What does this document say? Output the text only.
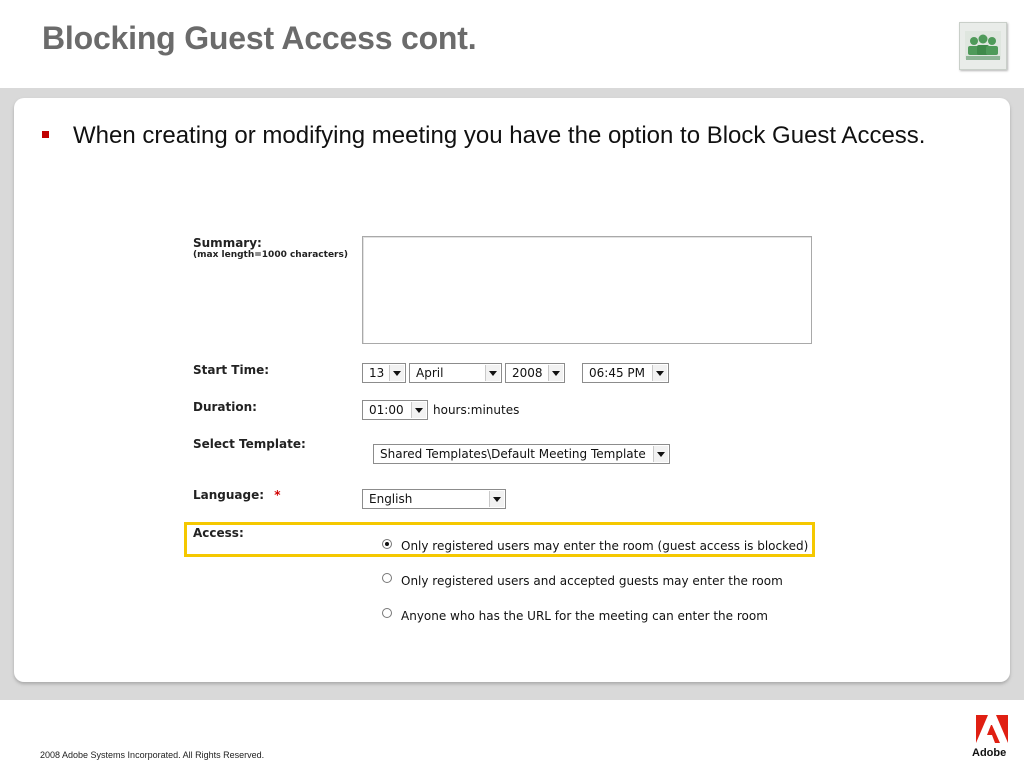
Blocking Guest Access cont.
When creating or modifying meeting you have the option to Block Guest Access.
Summary:
(max length=1000 characters)
Start Time:	13	April	2008	06:45 PM
Duration:	01:00 hours:minutes
Select Template:
Shared Templates\Default Meeting Template
Language: *	English
Access:
Only registered users may enter the room (guest access is blocked)
Only registered users and accepted guests may enter the room
Anyone who has the URL for the meeting can enter the room
2008 Adobe Systems Incorporated. All Rights Reserved.	Adobe
